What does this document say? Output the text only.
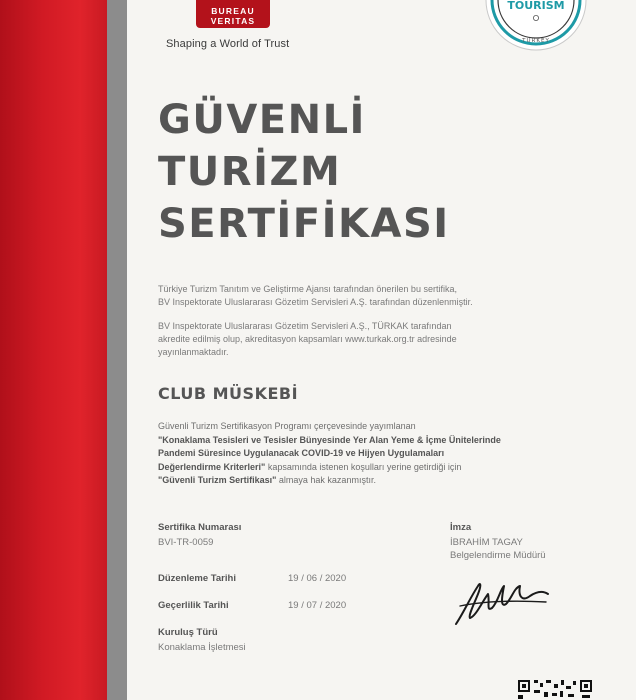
BUREAU
VERITAS
Shaping a World of Trust
TOURISM
TURKEY
GÜVENLİ
TURİZM
SERTİFİKASI
Türkiye Turizm Tanıtım ve Geliştirme Ajansı tarafından önerilen bu sertifika,
BV Inspektorate Uluslararası Gözetim Servisleri A.Ş. tarafından düzenlenmiştir.
BV Inspektorate Uluslararası Gözetim Servisleri A.Ş., TÜRKAK tarafından
akredite edilmiş olup, akreditasyon kapsamları www.turkak.org.tr adresinde
yayınlanmaktadır.
CLUB MÜSKEBİ
Güvenli Turizm Sertifikasyon Programı çerçevesinde yayımlanan
"Konaklama Tesisleri ve Tesisler Bünyesinde Yer Alan Yeme & İçme Ünitelerinde
Pandemi Süresince Uygulanacak COVID-19 ve Hijyen Uygulamaları
Değerlendirme Kriterleri" kapsamında istenen koşulları yerine getirdiği için
"Güvenli Turizm Sertifikası" almaya hak kazanmıştır.
Sertifika Numarası
BVI-TR-0059
Düzenleme Tarihi	19 / 06 / 2020
Geçerlilik Tarihi	19 / 07 / 2020
Kuruluş Türü
Konaklama İşletmesi
İmza
İBRAHİM TAGAY
Belgelendirme Müdürü
